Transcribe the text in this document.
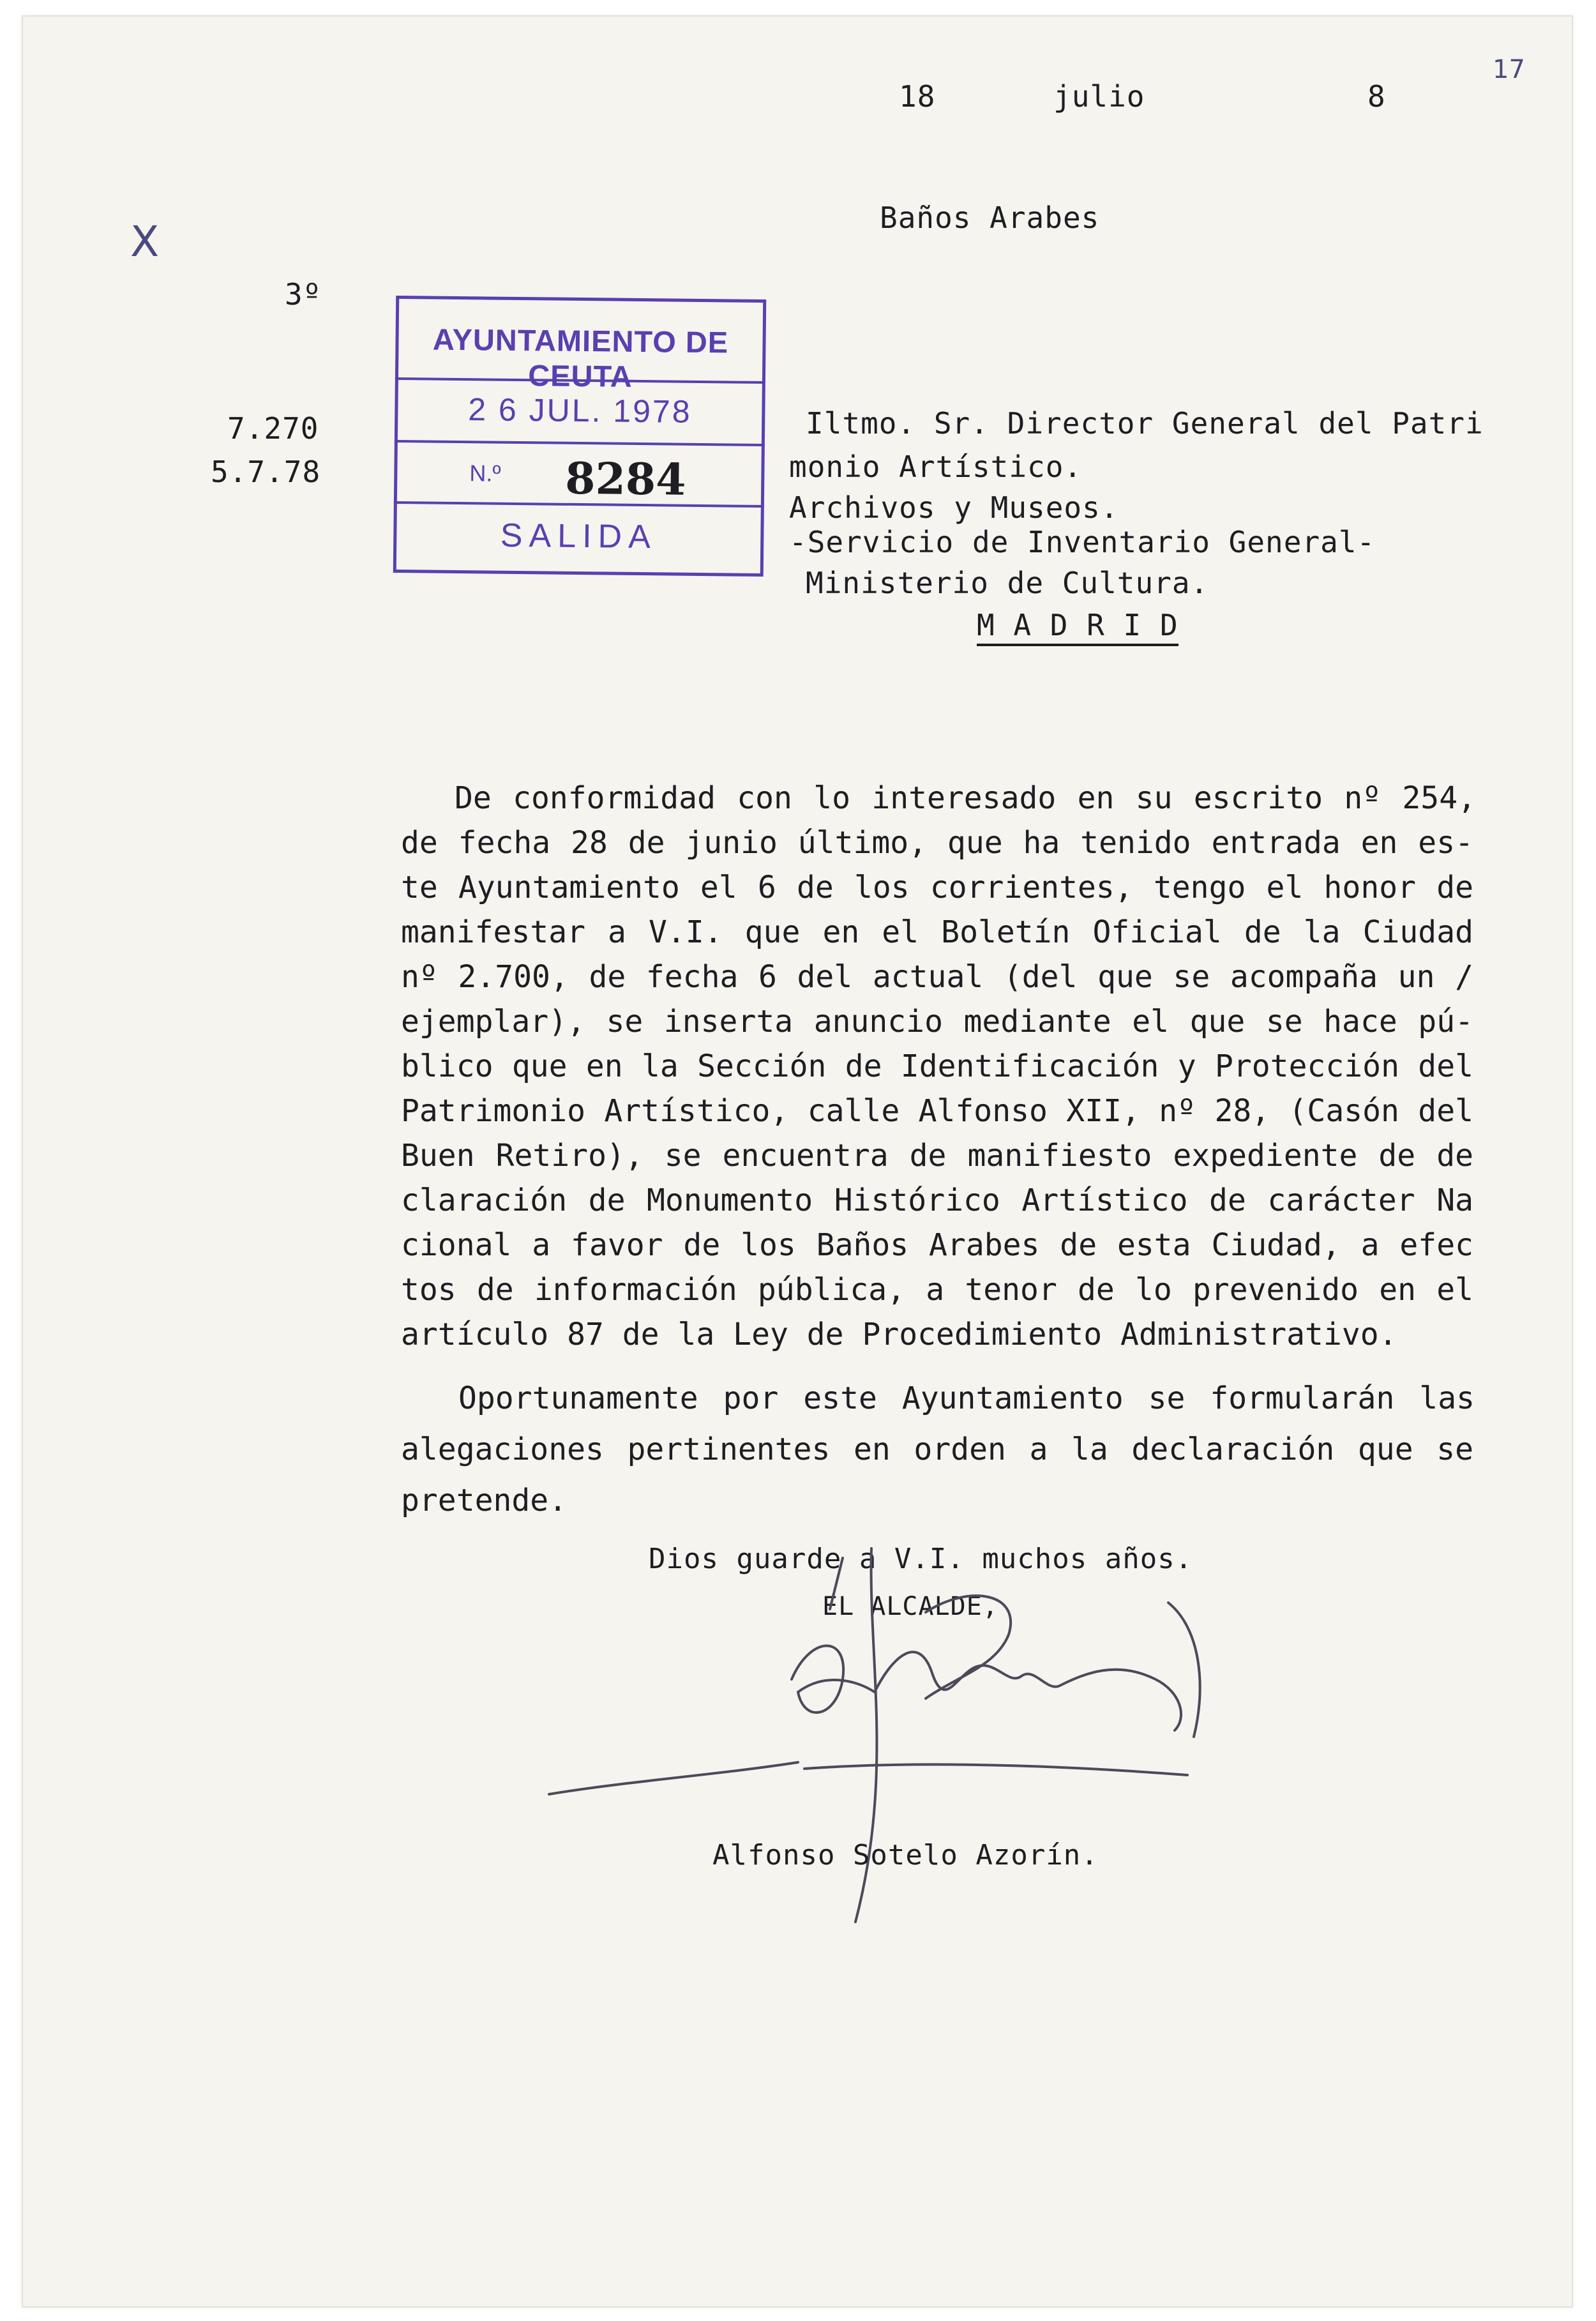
18	julio	8
17
Baños Arabes
X
3º
7.270
5.7.78
AYUNTAMIENTO DE CEUTA
2 6 JUL. 1978
N.º 8284
SALIDA
Iltmo. Sr. Director General del Patri
monio Artístico.
Archivos y Museos.
-Servicio de Inventario General-
Ministerio de Cultura.
M A D R I D
De conformidad con lo interesado en su escrito nº 254,
de fecha 28 de junio último, que ha tenido entrada en es-
te Ayuntamiento el 6 de los corrientes, tengo el honor de
manifestar a V.I. que en el Boletín Oficial de la Ciudad
nº 2.700, de fecha 6 del actual (del que se acompaña un /
ejemplar), se inserta anuncio mediante el que se hace pú-
blico que en la Sección de Identificación y Protección del
Patrimonio Artístico, calle Alfonso XII, nº 28, (Casón del
Buen Retiro), se encuentra de manifiesto expediente de de
claración de Monumento Histórico Artístico de carácter Na
cional a favor de los Baños Arabes de esta Ciudad, a efec
tos de información pública, a tenor de lo prevenido en el
artículo 87 de la Ley de Procedimiento Administrativo.
Oportunamente por este Ayuntamiento se formularán las
alegaciones pertinentes en orden a la declaración que se
pretende.
Dios guarde a V.I. muchos años.
EL ALCALDE,
Alfonso Sotelo Azorín.
